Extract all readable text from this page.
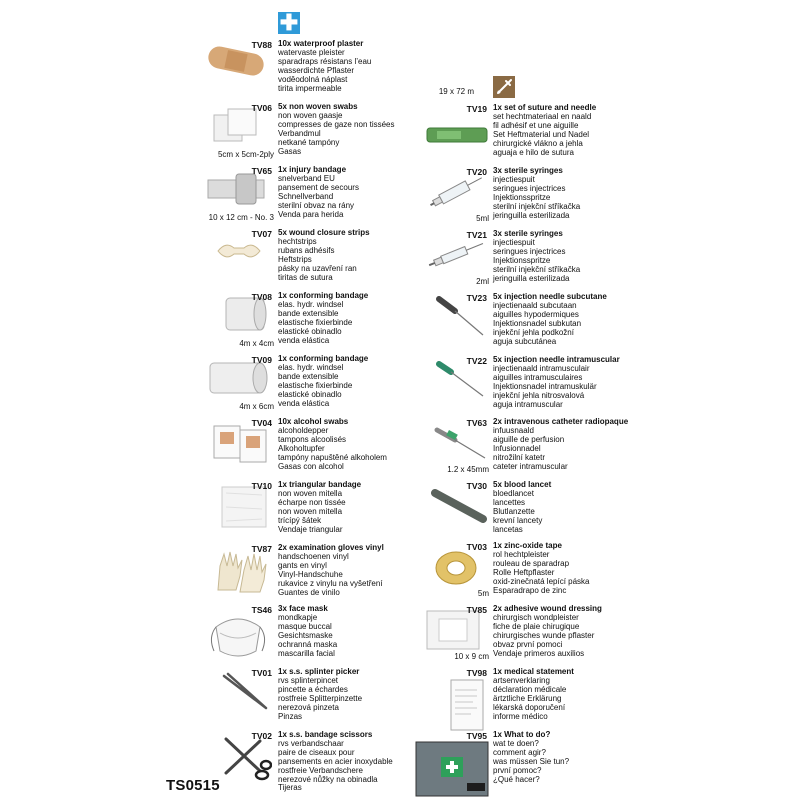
✚
TV88
19 x 72 m
10x waterproof plaster
watervaste pleister
sparadraps résistans l’eau
wasserdichte Pflaster
voděodolná náplast
tirita impermeable
TV06
5cm x 5cm-2ply
5x non woven swabs
non woven gaasje
compresses de gaze non tissées
Verbandmul
netkané tampóny
Gasas
TV65
10 x 12 cm - No. 3
1x injury bandage
snelverband EU
pansement de secours
Schnellverband
sterilní obvaz na rány
Venda para herida
TV07 5x wound closure strips
hechtstrips
rubans adhésifs
Heftstrips
pásky na uzavření ran
tiritas de sutura
TV08
4m x 4cm
1x conforming bandage
elas. hydr. windsel
bande extensible
elastische fixierbinde
elastické obinadlo
venda elástica
TV09
4m x 6cm
1x conforming bandage
elas. hydr. windsel
bande extensible
elastische fixierbinde
elastické obinadlo
venda elástica
TV04 10x alcohol swabs
alcoholdepper
tampons alcoolisés
Alkoholtupfer
tampóny napuštěné alkoholem
Gasas con alcohol
TV10 1x triangular bandage
non woven mitella
écharpe non tissée
non woven mitella
trícípý šátek
Vendaje triangular
TV87 2x examination gloves vinyl
handschoenen vinyl
gants en vinyl
Vinyl-Handschuhe
rukavice z vinylu na vyšetření
Guantes de vinilo
TS46 3x face mask
mondkapje
masque buccal
Gesichtsmaske
ochranná maska
mascarilla facial
TV01 1x s.s. splinter picker
rvs splinterpincet
pincette a échardes
rostfreie Splitterpinzette
nerezová pinzeta
Pinzas
TV02 1x s.s. bandage scissors
rvs verbandschaar
paire de ciseaux pour
pansements en acier inoxydable
rostfreie Verbandschere
nerezové nůžky na obinadla
Tijeras
TV19 1x set of suture and needle
set hechtmateriaal en naald
fil adhésif et une aiguille
Set Heftmaterial und Nadel
chirurgické vlákno a jehla
aguaja e hilo de sutura
TV20
5ml
3x sterile syringes
injectiespuit
seringues injectrices
Injektionsspritze
sterilní injekční stříkačka
jeringuilla esterilizada
TV21
2ml
3x sterile syringes
injectiespuit
seringues injectrices
Injektionsspritze
sterilní injekční stříkačka
jeringuilla esterilizada
TV23 5x injection needle subcutane
injectienaald subcutaan
aiguilles hypodermiques
Injektionsnadel subkutan
injekční jehla podkožní
aguja subcutánea
TV22 5x injection needle intramuscular
injectienaald intramusculair
aiguilles intramusculaires
Injektionsnadel intramuskulär
injekční jehla nitrosvalová
aguja intramuscular
TV63
1.2 x 45mm
2x intravenous catheter radiopaque
infuusnaald
aiguille de perfusion
Infusionnadel
nitrožilní katetr
cateter intramuscular
TV30 5x blood lancet
bloedlancet
lancettes
Blutlanzette
krevní lancety
lancetas
TV03
5m
1x zinc-oxide tape
rol hechtpleister
rouleau de sparadrap
Rolle Heftpflaster
oxid-zinečnatá lepící páska
Esparadrapo de zinc
TV85
10 x 9 cm
2x adhesive wound dressing
chirurgisch wondpleister
fiche de plaie chirugique
chirurgisches wunde pflaster
obvaz první pomoci
Vendaje primeros auxilios
TV98 1x medical statement
artsenverklaring
déclaration médicale
ärtztliche Erklärung
lékarská doporučení
informe médico
TV95 1x What to do?
wat te doen?
comment agir?
was müssen Sie tun?
první pomoc?
¿Qué hacer?
TS0515
